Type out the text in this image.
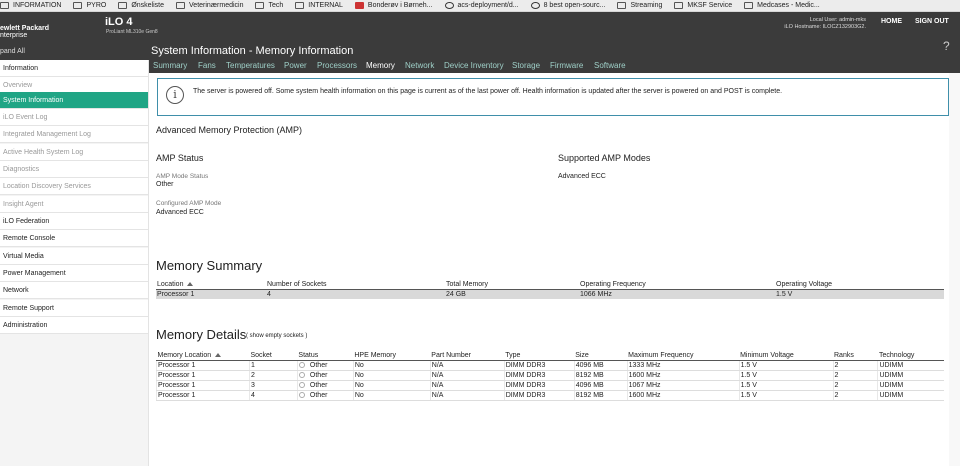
INFORMATION	PYRO	Ønskeliste	Veterinærmedicin	Tech	INTERNAL	Bonderøv i Børneh...	acs-deployment/d...	8 best open-sourc...	Streaming	MKSF Service	Medcases - Medic...
ewlett Packard
nterprise
iLO 4
ProLiant ML310e Gen8
Local User: admin-mks
iLO Hostname: ILOCZ132903G2.
HOME SIGN OUT
pand All	System Information - Memory Information	?
Summary Fans Temperatures Power Processors Memory Network Device Inventory Storage Firmware Software
Information
Overview
System Information
iLO Event Log
Integrated Management Log
Active Health System Log
Diagnostics
Location Discovery Services
Insight Agent
iLO Federation
Remote Console
Virtual Media
Power Management
Network
Remote Support
Administration
i	The server is powered off. Some system health information on this page is current as of the last power off. Health information is updated after the server is powered on and POST is complete.
Advanced Memory Protection (AMP)
AMP Status
AMP Mode Status
Other
Configured AMP Mode
Advanced ECC
Supported AMP Modes
Advanced ECC
Memory Summary
Location	Number of Sockets	Total Memory	Operating Frequency	Operating Voltage
Processor 1	4	24 GB	1066 MHz	1.5 V
Memory Details ( show empty sockets )
Memory Location	Socket	Status	HPE Memory	Part Number	Type	Size	Maximum Frequency	Minimum Voltage	Ranks	Technology
Processor 1	1	Other	No	N/A	DIMM DDR3	4096 MB	1333 MHz	1.5 V	2	UDIMM
Processor 1	2	Other	No	N/A	DIMM DDR3	8192 MB	1600 MHz	1.5 V	2	UDIMM
Processor 1	3	Other	No	N/A	DIMM DDR3	4096 MB	1067 MHz	1.5 V	2	UDIMM
Processor 1	4	Other	No	N/A	DIMM DDR3	8192 MB	1600 MHz	1.5 V	2	UDIMM
